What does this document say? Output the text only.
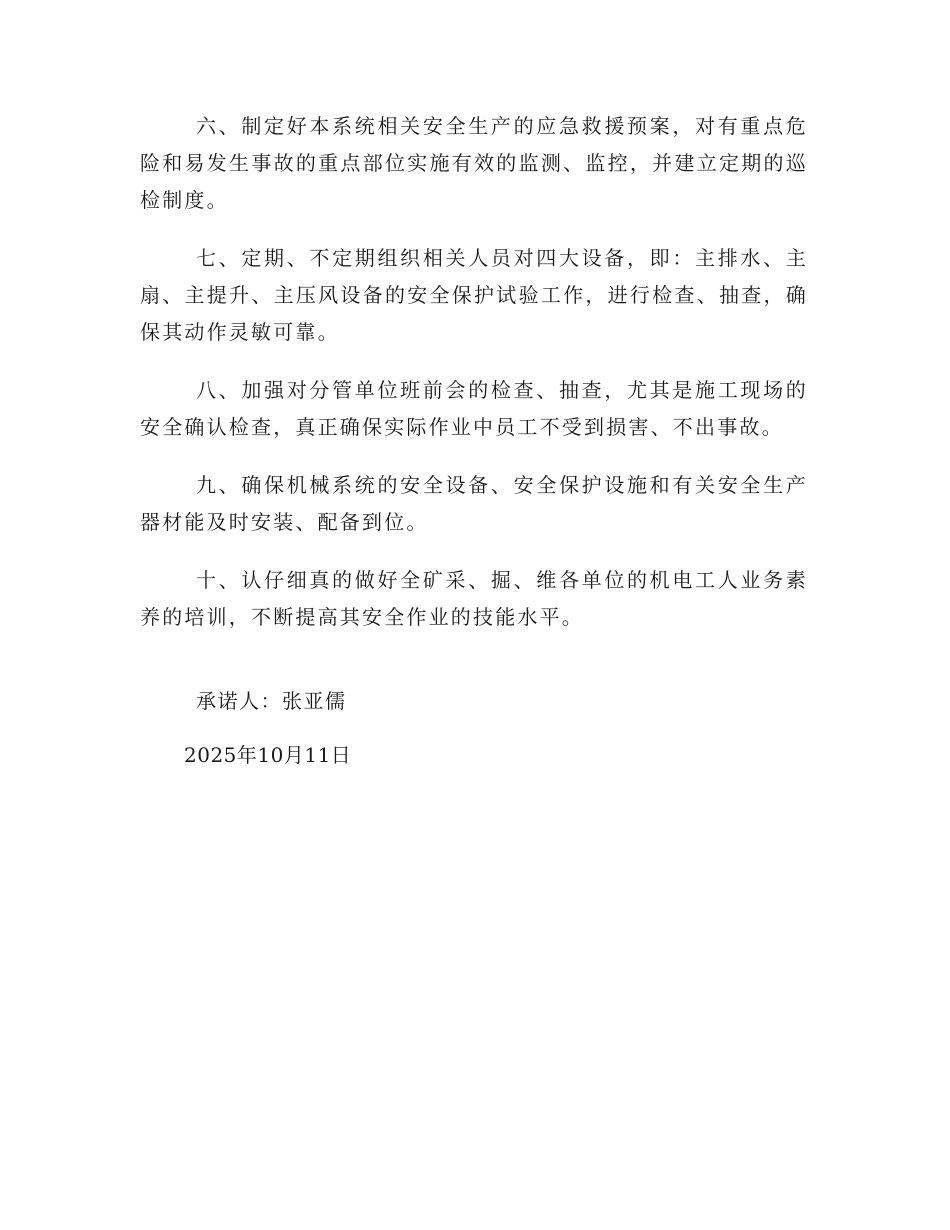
六、制定好本系统相关安全生产的应急救援预案，对有重点危险和易发生事故的重点部位实施有效的监测、监控，并建立定期的巡检制度。

七、定期、不定期组织相关人员对四大设备，即：主排水、主扇、主提升、主压风设备的安全保护试验工作，进行检查、抽查，确保其动作灵敏可靠。

八、加强对分管单位班前会的检查、抽查，尤其是施工现场的安全确认检查，真正确保实际作业中员工不受到损害、不出事故。

九、确保机械系统的安全设备、安全保护设施和有关安全生产器材能及时安装、配备到位。

十、认仔细真的做好全矿采、掘、维各单位的机电工人业务素养的培训，不断提高其安全作业的技能水平。

承诺人：张亚儒
2025年10月11日
